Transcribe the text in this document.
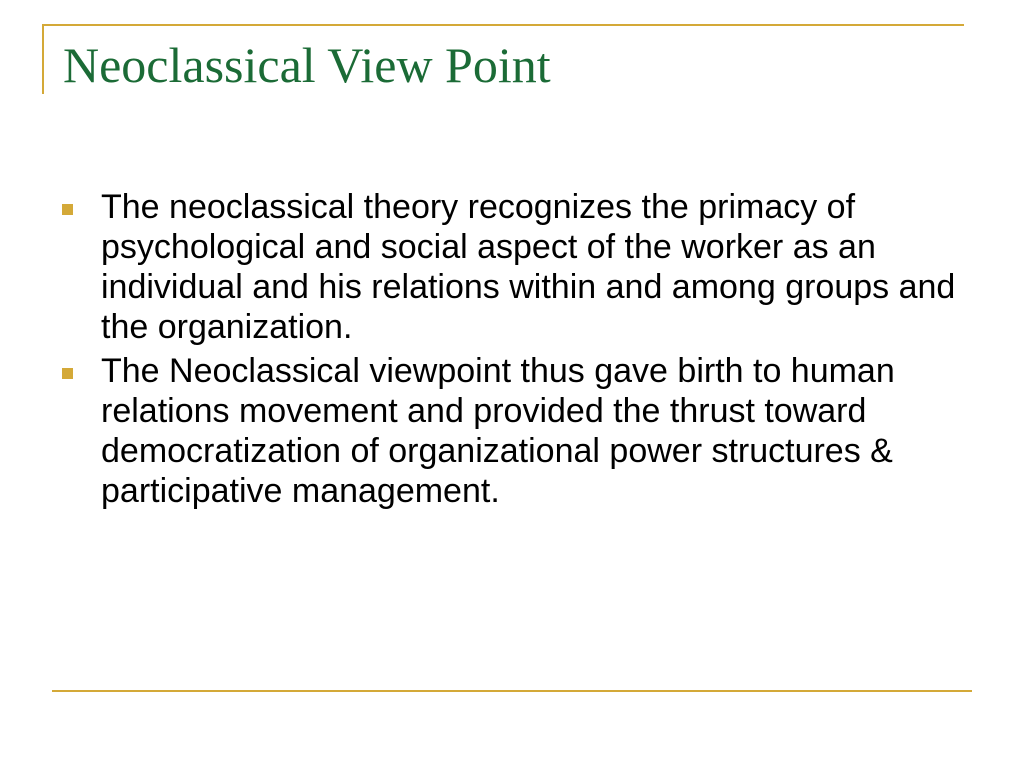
Neoclassical View Point
The neoclassical theory recognizes the primacy of psychological and social aspect of the worker as an individual and his relations within and among groups and the organization.
The Neoclassical viewpoint thus gave birth to human relations movement and provided the thrust toward democratization of organizational power structures & participative management.
